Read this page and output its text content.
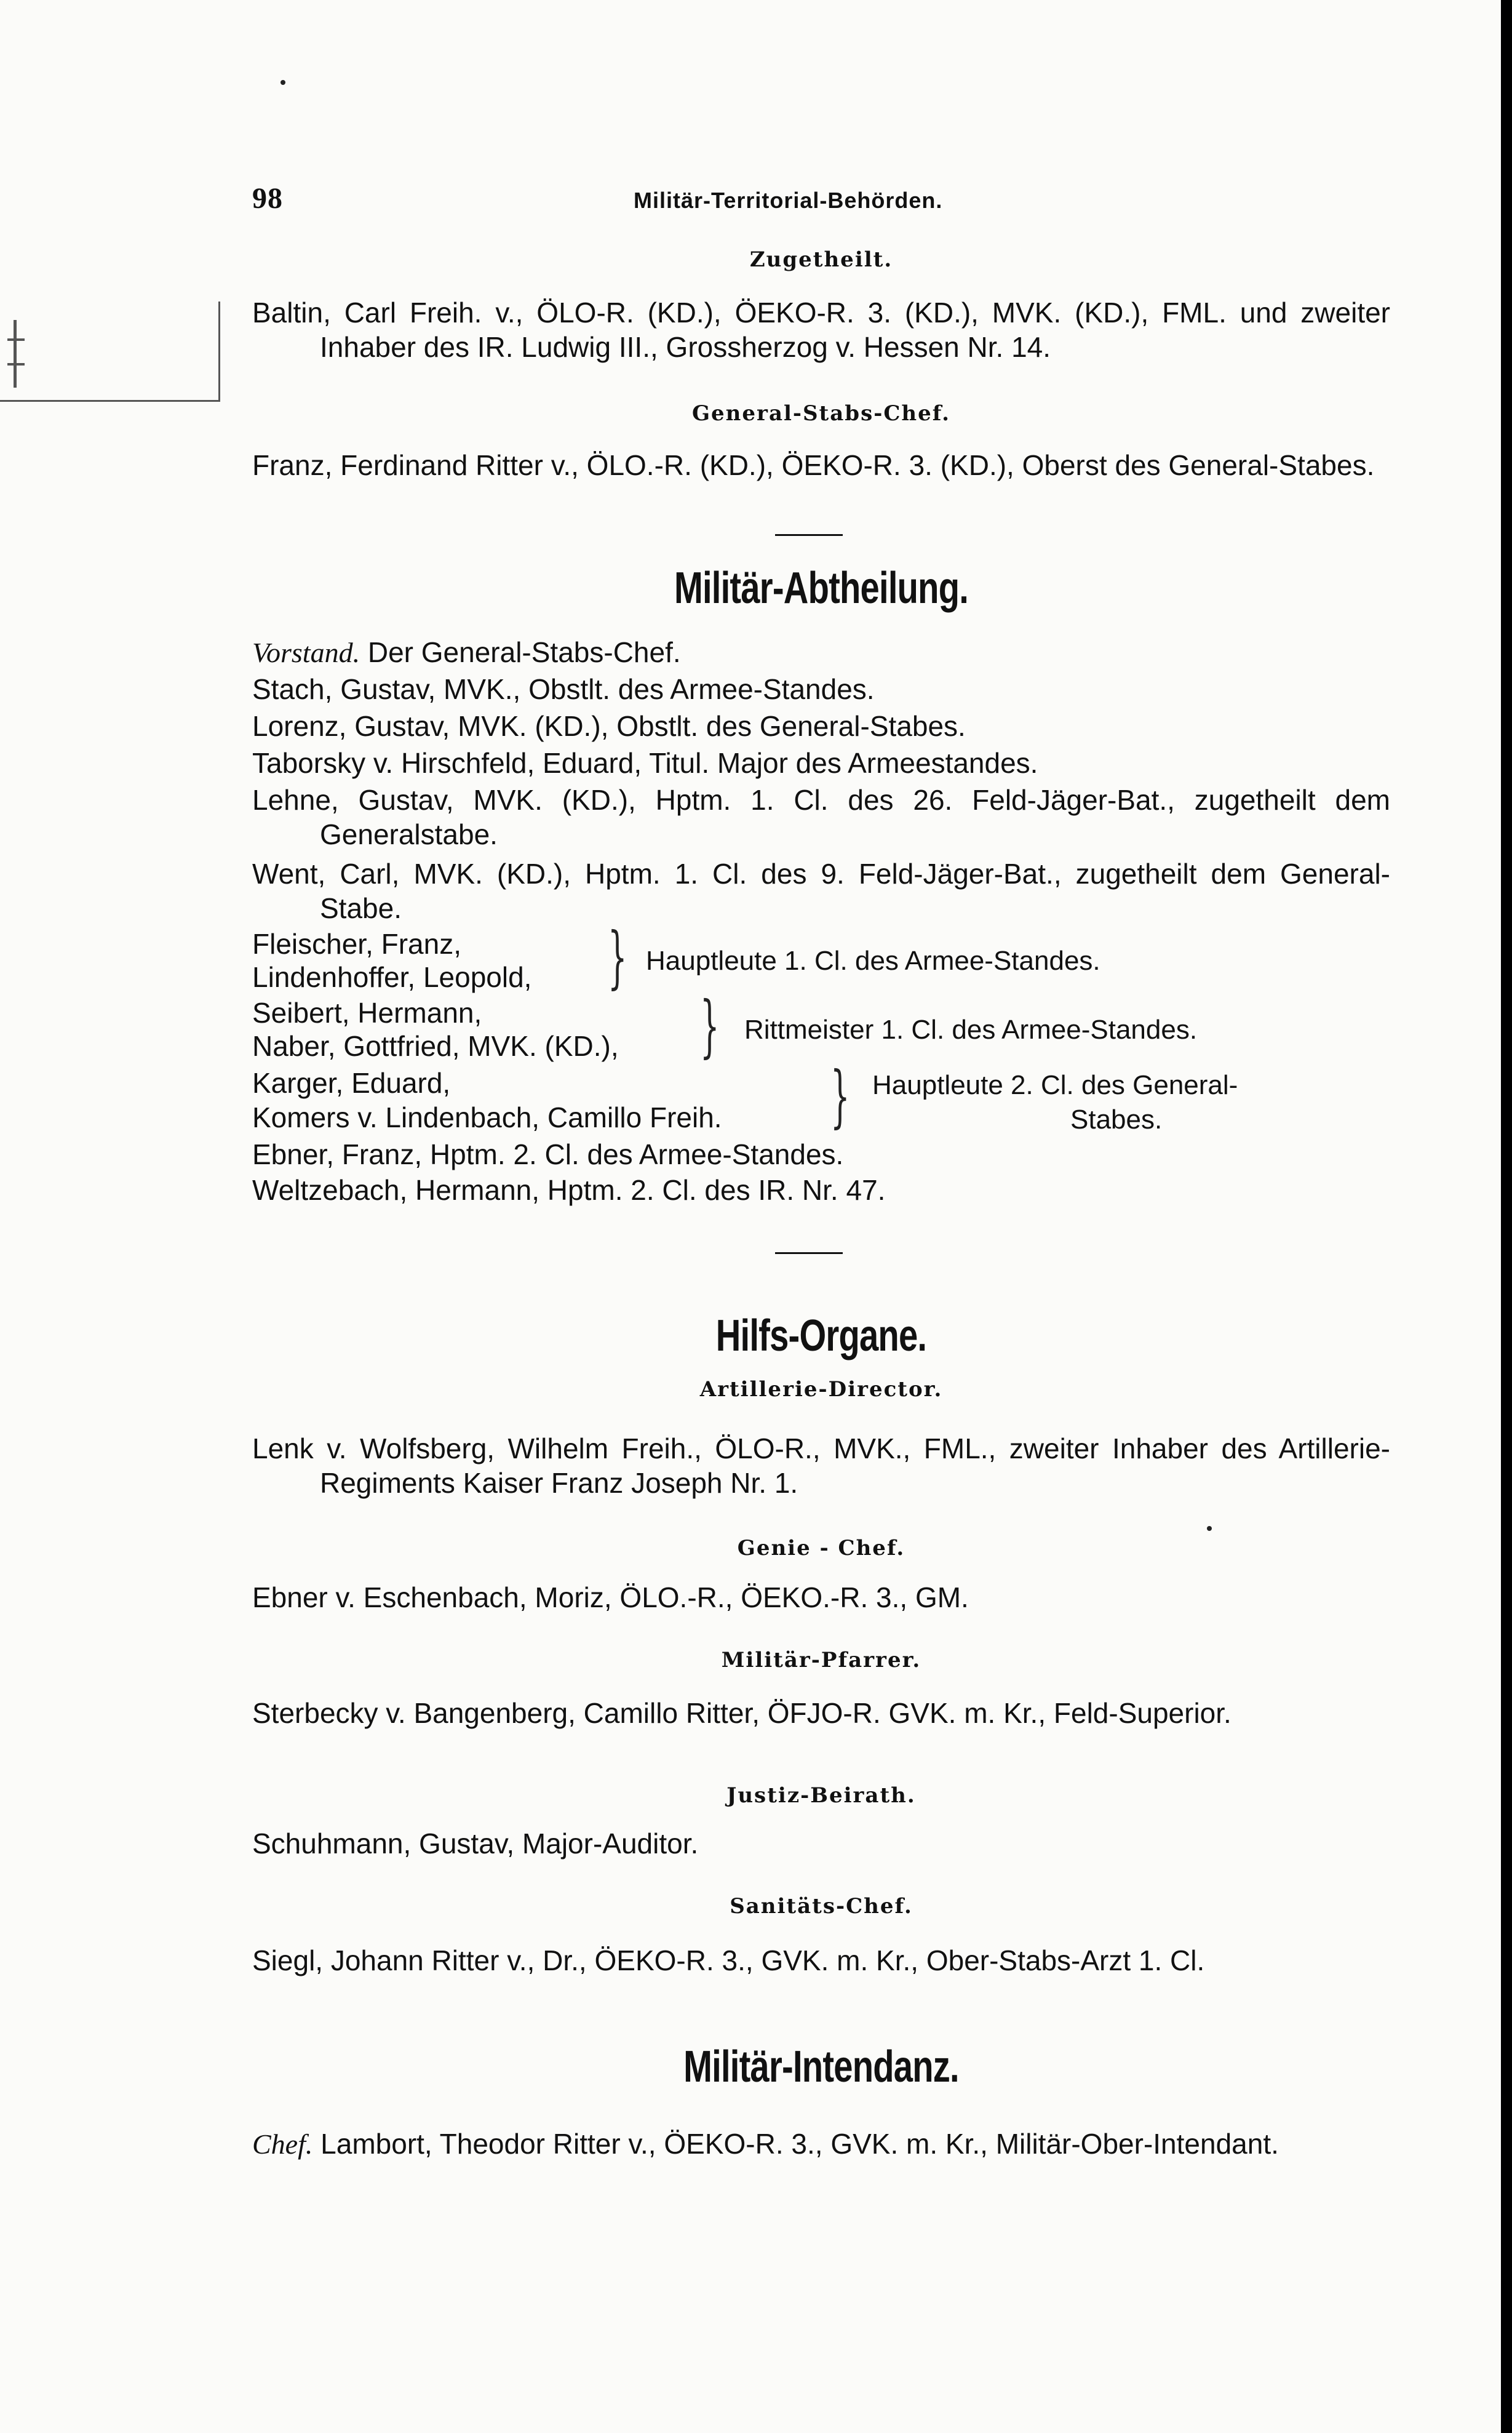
98	Militär-Territorial-Behörden.
Zugetheilt.
Baltin, Carl Freih. v., ÖLO-R. (KD.), ÖEKO-R. 3. (KD.), MVK. (KD.), FML. und zweiter Inhaber des IR. Ludwig III., Grossherzog v. Hessen Nr. 14.
General-Stabs-Chef.
Franz, Ferdinand Ritter v., ÖLO.-R. (KD.), ÖEKO-R. 3. (KD.), Oberst des General-Stabes.
Militär-Abtheilung.
Vorstand. Der General-Stabs-Chef.
Stach, Gustav, MVK., Obstlt. des Armee-Standes.
Lorenz, Gustav, MVK. (KD.), Obstlt. des General-Stabes.
Taborsky v. Hirschfeld, Eduard, Titul. Major des Armeestandes.
Lehne, Gustav, MVK. (KD.), Hptm. 1. Cl. des 26. Feld-Jäger-Bat., zugetheilt dem Generalstabe.
Went, Carl, MVK. (KD.), Hptm. 1. Cl. des 9. Feld-Jäger-Bat., zugetheilt dem General-Stabe.
Fleischer, Franz,
Lindenhoffer, Leopold, } Hauptleute 1. Cl. des Armee-Standes.
Seibert, Hermann,
Naber, Gottfried, MVK. (KD.), } Rittmeister 1. Cl. des Armee-Standes.
Karger, Eduard,
Komers v. Lindenbach, Camillo Freih. } Hauptleute 2. Cl. des General-
Stabes.
Ebner, Franz, Hptm. 2. Cl. des Armee-Standes.
Weltzebach, Hermann, Hptm. 2. Cl. des IR. Nr. 47.
Hilfs-Organe.
Artillerie-Director.
Lenk v. Wolfsberg, Wilhelm Freih., ÖLO-R., MVK., FML., zweiter Inhaber des Artillerie-Regiments Kaiser Franz Joseph Nr. 1.
Genie - Chef.
Ebner v. Eschenbach, Moriz, ÖLO.-R., ÖEKO.-R. 3., GM.
Militär-Pfarrer.
Sterbecky v. Bangenberg, Camillo Ritter, ÖFJO-R. GVK. m. Kr., Feld-Superior.
Justiz-Beirath.
Schuhmann, Gustav, Major-Auditor.
Sanitäts-Chef.
Siegl, Johann Ritter v., Dr., ÖEKO-R. 3., GVK. m. Kr., Ober-Stabs-Arzt 1. Cl.
Militär-Intendanz.
Chef. Lambort, Theodor Ritter v., ÖEKO-R. 3., GVK. m. Kr., Militär-Ober-Intendant.
